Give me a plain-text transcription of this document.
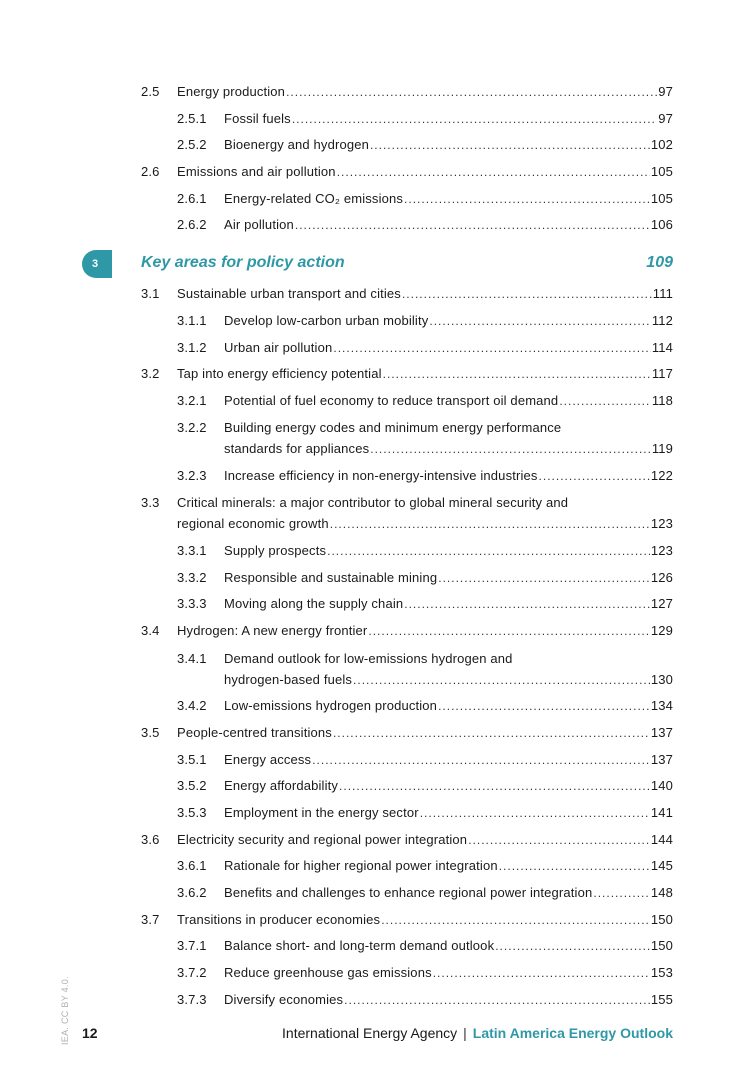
2.5 Energy production .....	97
2.5.1 Fossil fuels .....	97
2.5.2 Bioenergy and hydrogen .....	102
2.6 Emissions and air pollution .....	105
2.6.1 Energy-related CO₂ emissions .....	105
2.6.2 Air pollution .....	106
3.1 Sustainable urban transport and cities .....	111
3.1.1 Develop low-carbon urban mobility .....	112
3.1.2 Urban air pollution .....	114
3.2 Tap into energy efficiency potential .....	117
3.2.1 Potential of fuel economy to reduce transport oil demand .....	118
3.2.2 Building energy codes and minimum energy performance
standards for appliances .....	119
3.2.3 Increase efficiency in non-energy-intensive industries .....	122
3.3 Critical minerals: a major contributor to global mineral security and
regional economic growth .....	123
3.3.1 Supply prospects .....	123
3.3.2 Responsible and sustainable mining .....	126
3.3.3 Moving along the supply chain .....	127
3.4 Hydrogen: A new energy frontier .....	129
3.4.1 Demand outlook for low-emissions hydrogen and
hydrogen-based fuels .....	130
3.4.2 Low-emissions hydrogen production .....	134
3.5 People-centred transitions .....	137
3.5.1 Energy access .....	137
3.5.2 Energy affordability .....	140
3.5.3 Employment in the energy sector .....	141
3.6 Electricity security and regional power integration .....	144
3.6.1 Rationale for higher regional power integration .....	145
3.6.2 Benefits and challenges to enhance regional power integration .....	148
3.7 Transitions in producer economies .....	150
3.7.1 Balance short- and long-term demand outlook .....	150
3.7.2 Reduce greenhouse gas emissions .....	153
3.7.3 Diversify economies .....	155
3	Key areas for policy action	109
12	International Energy Agency | Latin America Energy Outlook
IEA. CC BY 4.0.
